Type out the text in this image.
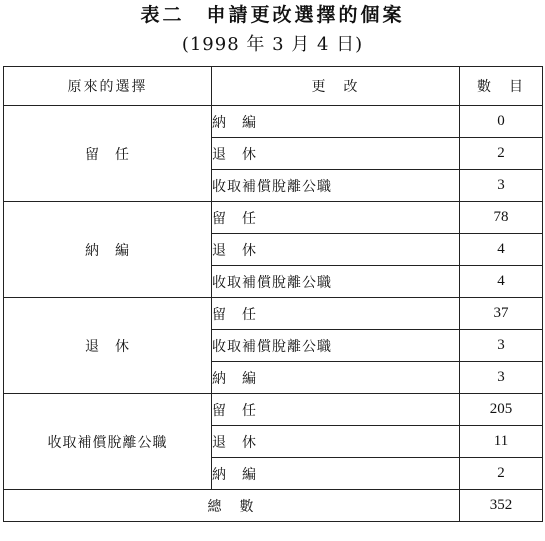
表二　申請更改選擇的個案
(1998 年 3 月 4 日)
原來的選擇	更　改	數　目
留　任	納　編	0
	退　休	2
	收取補償脫離公職	3
納　編	留　任	78
	退　休	4
	收取補償脫離公職	4
退　休	留　任	37
	收取補償脫離公職	3
	納　編	3
收取補償脫離公職	留　任	205
	退　休	11
	納　編	2
總　數		352
